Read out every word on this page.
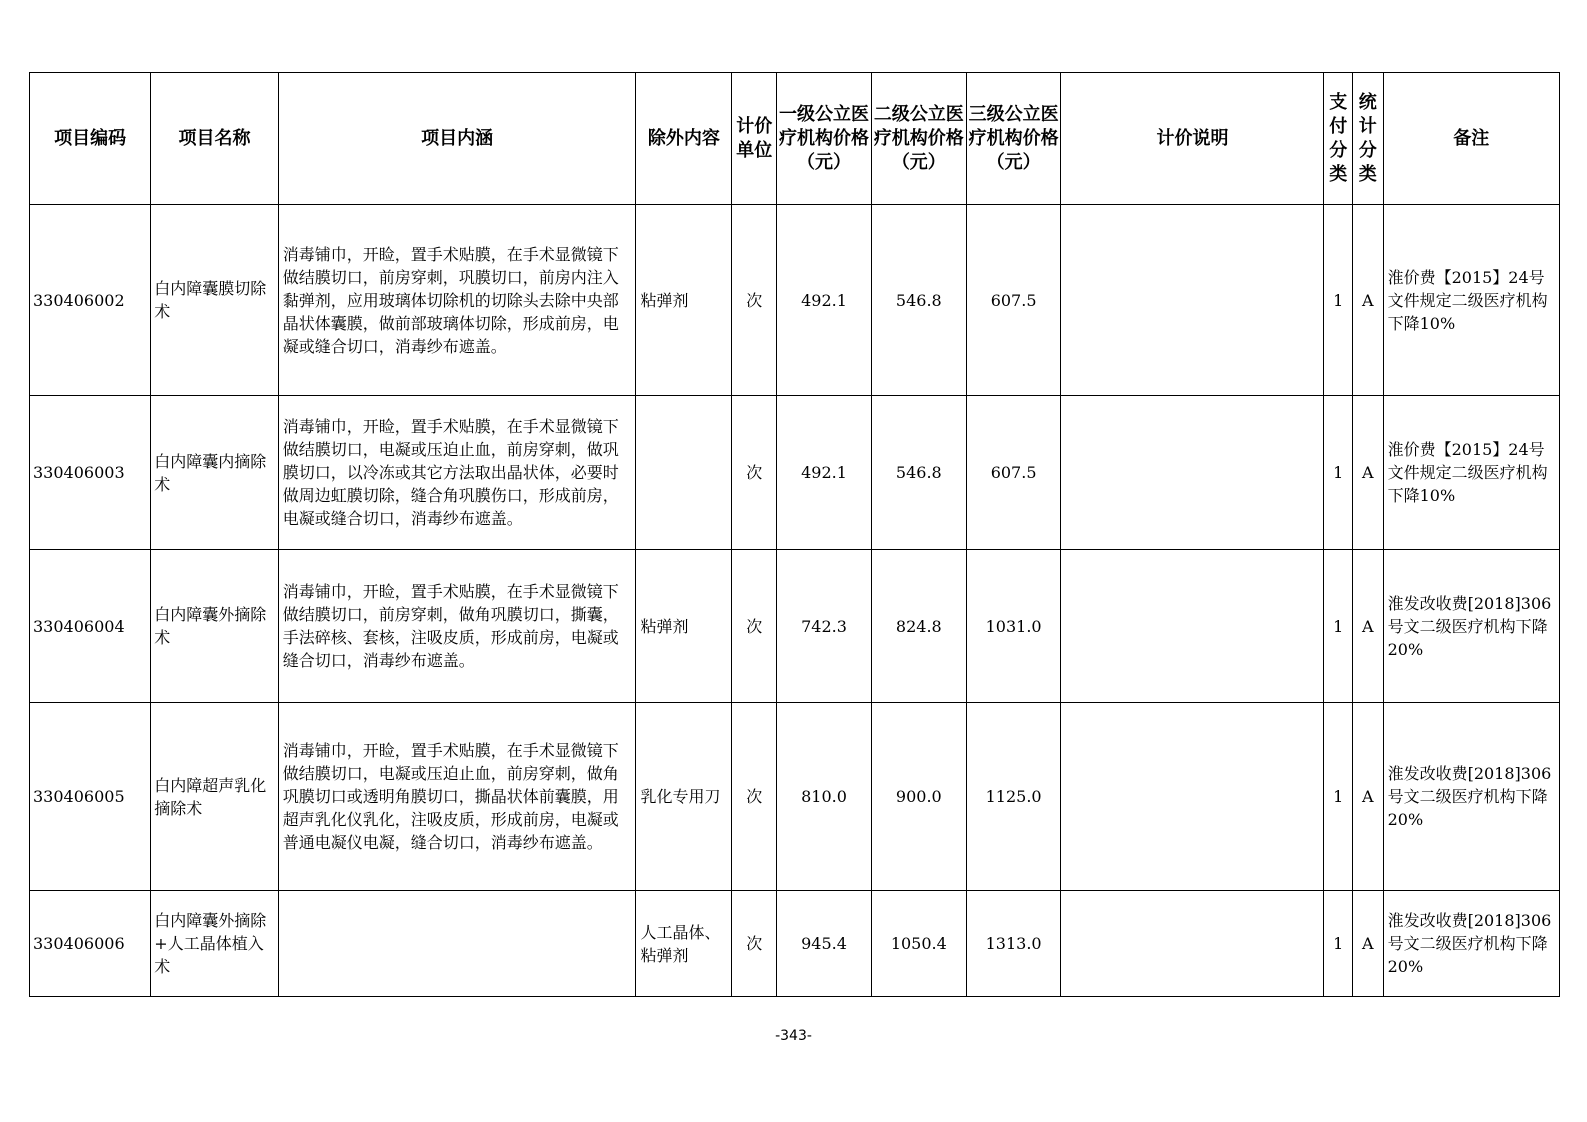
项目编码	项目名称	项目内涵	除外内容	计价单位	一级公立医疗机构价格（元）	二级公立医疗机构价格（元）	三级公立医疗机构价格（元）	计价说明	支付分类	统计分类	备注
330406002	白内障囊膜切除术	消毒铺巾，开睑，置手术贴膜，在手术显微镜下做结膜切口，前房穿刺，巩膜切口，前房内注入黏弹剂，应用玻璃体切除机的切除头去除中央部晶状体囊膜，做前部玻璃体切除，形成前房，电凝或缝合切口，消毒纱布遮盖。	粘弹剂	次	492.1	546.8	607.5		1	A	淮价费【2015】24号文件规定二级医疗机构下降10%
330406003	白内障囊内摘除术	消毒铺巾，开睑，置手术贴膜，在手术显微镜下做结膜切口，电凝或压迫止血，前房穿刺，做巩膜切口，以冷冻或其它方法取出晶状体，必要时做周边虹膜切除，缝合角巩膜伤口，形成前房，电凝或缝合切口，消毒纱布遮盖。		次	492.1	546.8	607.5		1	A	淮价费【2015】24号文件规定二级医疗机构下降10%
330406004	白内障囊外摘除术	消毒铺巾，开睑，置手术贴膜，在手术显微镜下做结膜切口，前房穿刺，做角巩膜切口，撕囊，手法碎核、套核，注吸皮质，形成前房，电凝或缝合切口，消毒纱布遮盖。	粘弹剂	次	742.3	824.8	1031.0		1	A	淮发改收费[2018]306号文二级医疗机构下降20%
330406005	白内障超声乳化摘除术	消毒铺巾，开睑，置手术贴膜，在手术显微镜下做结膜切口，电凝或压迫止血，前房穿刺，做角巩膜切口或透明角膜切口，撕晶状体前囊膜，用超声乳化仪乳化，注吸皮质，形成前房，电凝或普通电凝仪电凝，缝合切口，消毒纱布遮盖。	乳化专用刀	次	810.0	900.0	1125.0		1	A	淮发改收费[2018]306号文二级医疗机构下降20%
330406006	白内障囊外摘除+人工晶体植入术		人工晶体、粘弹剂	次	945.4	1050.4	1313.0		1	A	淮发改收费[2018]306号文二级医疗机构下降20%
-343-
